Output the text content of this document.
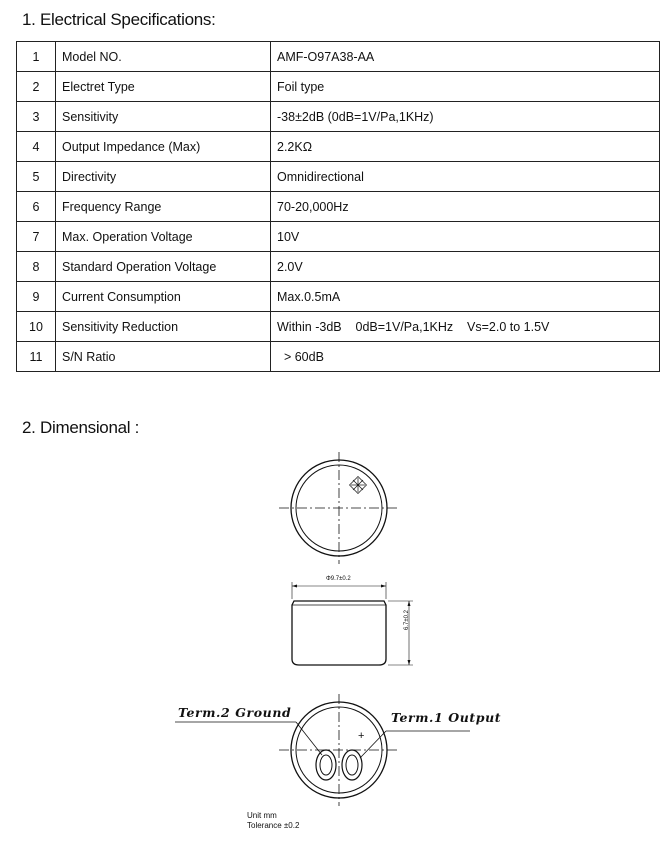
1. Electrical Specifications:
1	Model NO.	AMF-O97A38-AA
2	Electret Type	Foil type
3	Sensitivity	-38±2dB (0dB=1V/Pa,1KHz)
4	Output Impedance (Max)	2.2KΩ
5	Directivity	Omnidirectional
6	Frequency Range	70-20,000Hz
7	Max. Operation Voltage	10V
8	Standard Operation Voltage	2.0V
9	Current Consumption	Max.0.5mA
10	Sensitivity Reduction	Within -3dB    0dB=1V/Pa,1KHz    Vs=2.0 to 1.5V
11	S/N Ratio	> 60dB
2. Dimensional :
Φ9.7±0.2
6.7±0.2
+
Term.2 Ground	Term.1 Output
Unit mm
Tolerance ±0.2
